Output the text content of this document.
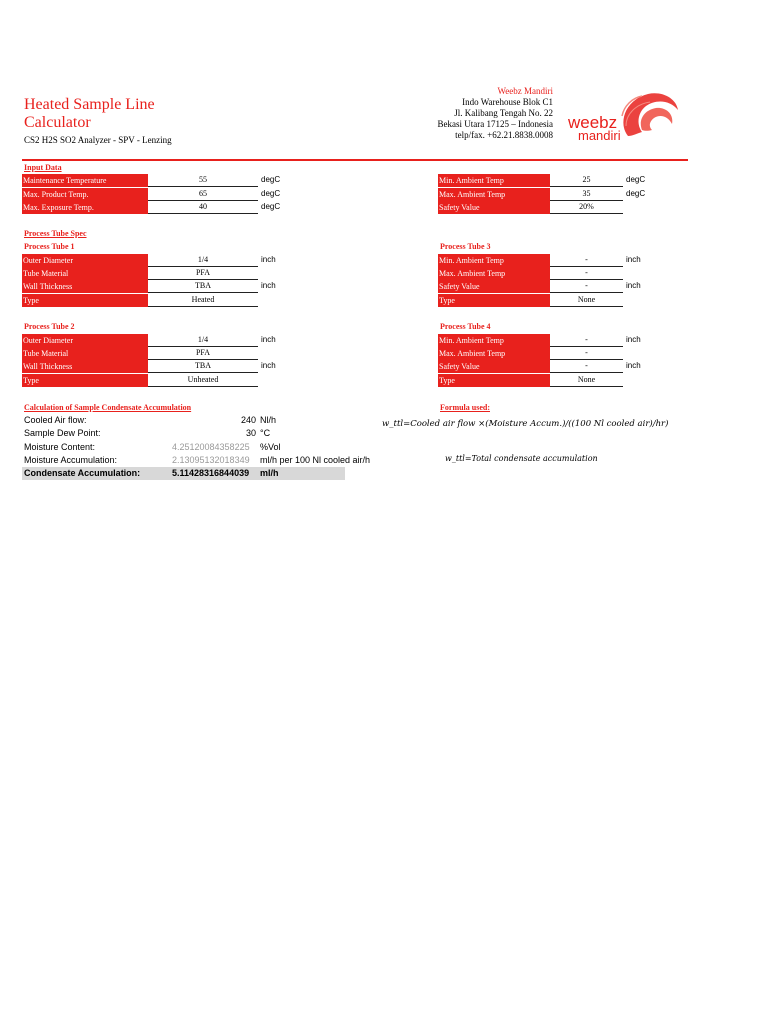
Heated Sample Line Calculator
CS2 H2S SO2 Analyzer - SPV - Lenzing
Weebz Mandiri
Indo Warehouse Blok C1
Jl. Kalibang Tengah No. 22
Bekasi Utara 17125 – Indonesia
telp/fax. +62.21.8838.0008
weebz
mandiri
Input Data
Maintenance Temperature	55	degC
Max. Product Temp.	65	degC
Max. Exposure Temp.	40	degC
Min. Ambient Temp	25	degC
Max. Ambient Temp	35	degC
Safety Value	20%
Process Tube Spec
Process Tube 1	Process Tube 3
Process Tube 2	Process Tube 4
Outer Diameter	1/4	inch
Tube Material	PFA
Wall Thickness	TBA	inch
Type	Heated
Outer Diameter	1/4	inch
Tube Material	PFA
Wall Thickness	TBA	inch
Type	Unheated
Min. Ambient Temp	-	inch
Max. Ambient Temp	-
Safety Value	-	inch
Type	None
Min. Ambient Temp	-	inch
Max. Ambient Temp	-
Safety Value	-	inch
Type	None
Calculation of Sample Condensate Accumulation	Formula used:
Cooled Air flow:	240 Nl/h
Sample Dew Point:	30 °C
Moisture Content:	4.25120084358225 %Vol
Moisture Accumulation:	2.13095132018349 ml/h per 100 Nl cooled air/h
Condensate Accumulation:	5.11428316844039 ml/h
w_ttl=Cooled air flow ×(Moisture Accum.)/((100 Nl cooled air)/hr)
w_ttl=Total condensate accumulation
